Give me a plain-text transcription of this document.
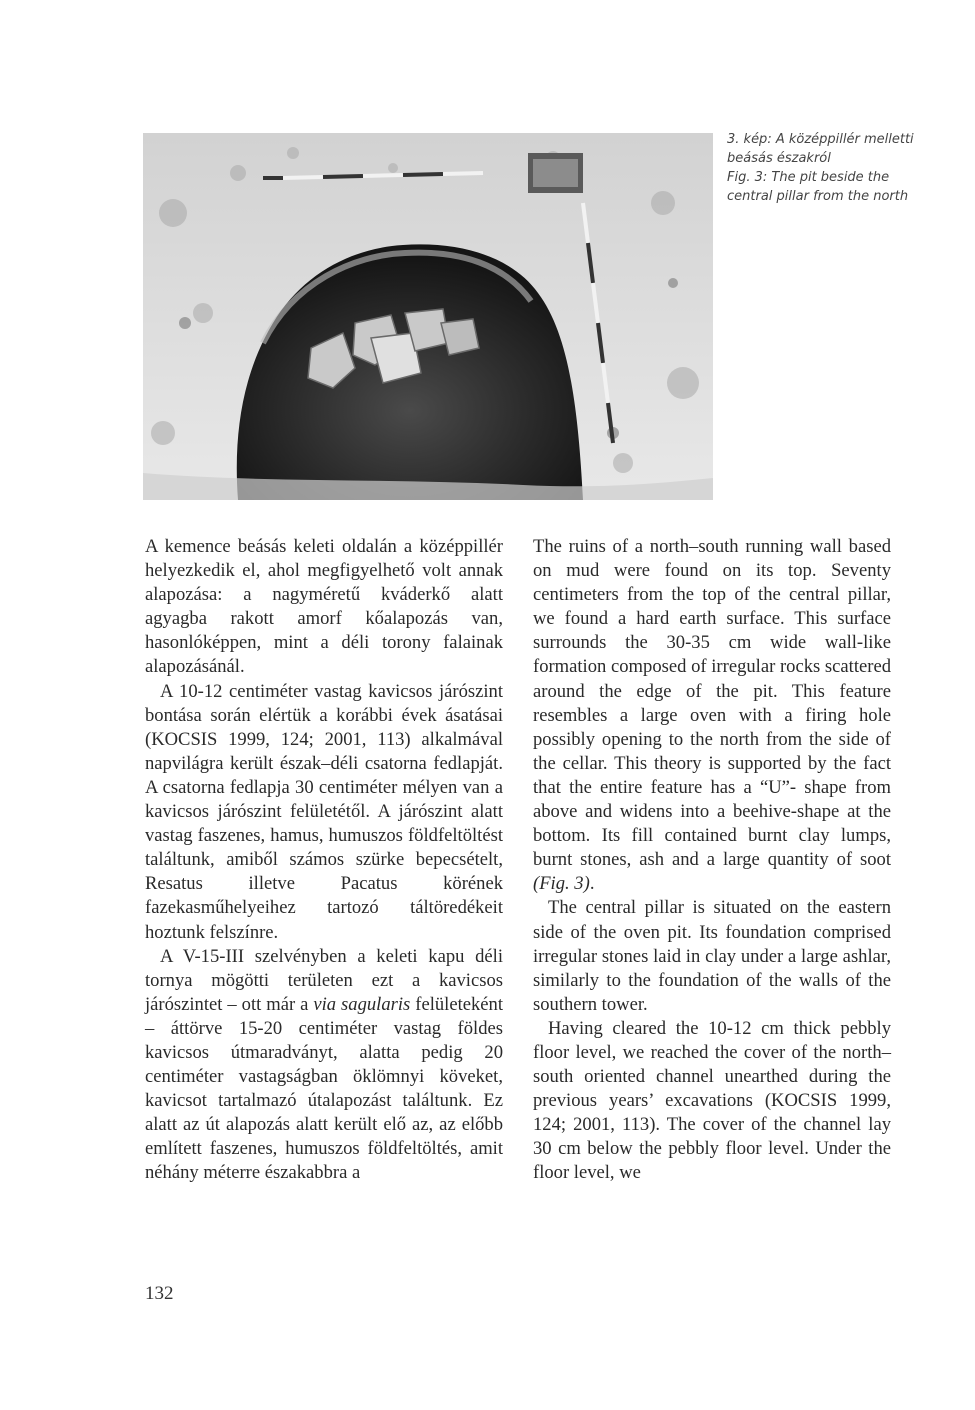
3. kép: A középpillér melletti beásás északról

Fig. 3: The pit beside the central pillar from the north

A kemence beásás keleti oldalán a középpillér helyezkedik el, ahol megfigyelhető volt annak alapozása: a nagyméretű kváderkő alatt agyagba rakott amorf kőalapozás van, hasonlóképpen, mint a déli torony falainak alapozásánál.

A 10-12 centiméter vastag kavicsos járószint bontása során elértük a korábbi évek ásatásai (KOCSIS 1999, 124; 2001, 113) alkalmával napvilágra került észak–déli csatorna fedlapját. A csatorna fedlapja 30 centiméter mélyen van a kavicsos járószint felületétől. A járószint alatt vastag faszenes, hamus, humuszos földfeltöltést találtunk, amiből számos szürke bepecsételt, Resatus illetve Pacatus körének fazekasműhelyeihez tartozó táltöredékeit hoztunk felszínre.

A V-15-III szelvényben a keleti kapu déli tornya mögötti területen ezt a kavicsos járószintet – ott már a via sagularis felületeként – áttörve 15-20 centiméter vastag földes kavicsos útmaradványt, alatta pedig 20 centiméter vastagságban öklömnyi köveket, kavicsot tartalmazó útalapozást találtunk. Ez alatt az út alapozás alatt került elő az, az előbb említett faszenes, humuszos földfeltöltés, amit néhány méterre északabbra a

The ruins of a north–south running wall based on mud were found on its top. Seventy centimeters from the top of the central pillar, we found a hard earth surface. This surface surrounds the 30-35 cm wide wall-like formation composed of irregular rocks scattered around the edge of the pit. This feature resembles a large oven with a firing hole possibly opening to the north from the side of the cellar. This theory is supported by the fact that the entire feature has a “U”- shape from above and widens into a beehive-shape at the bottom. Its fill contained burnt clay lumps, burnt stones, ash and a large quantity of soot (Fig. 3).

The central pillar is situated on the eastern side of the oven pit. Its foundation comprised irregular stones laid in clay under a large ashlar, similarly to the foundation of the walls of the southern tower.

Having cleared the 10-12 cm thick pebbly floor level, we reached the cover of the north–south oriented channel unearthed during the previous years’ excavations (KOCSIS 1999, 124; 2001, 113). The cover of the channel lay 30 cm below the pebbly floor level. Under the floor level, we

132
